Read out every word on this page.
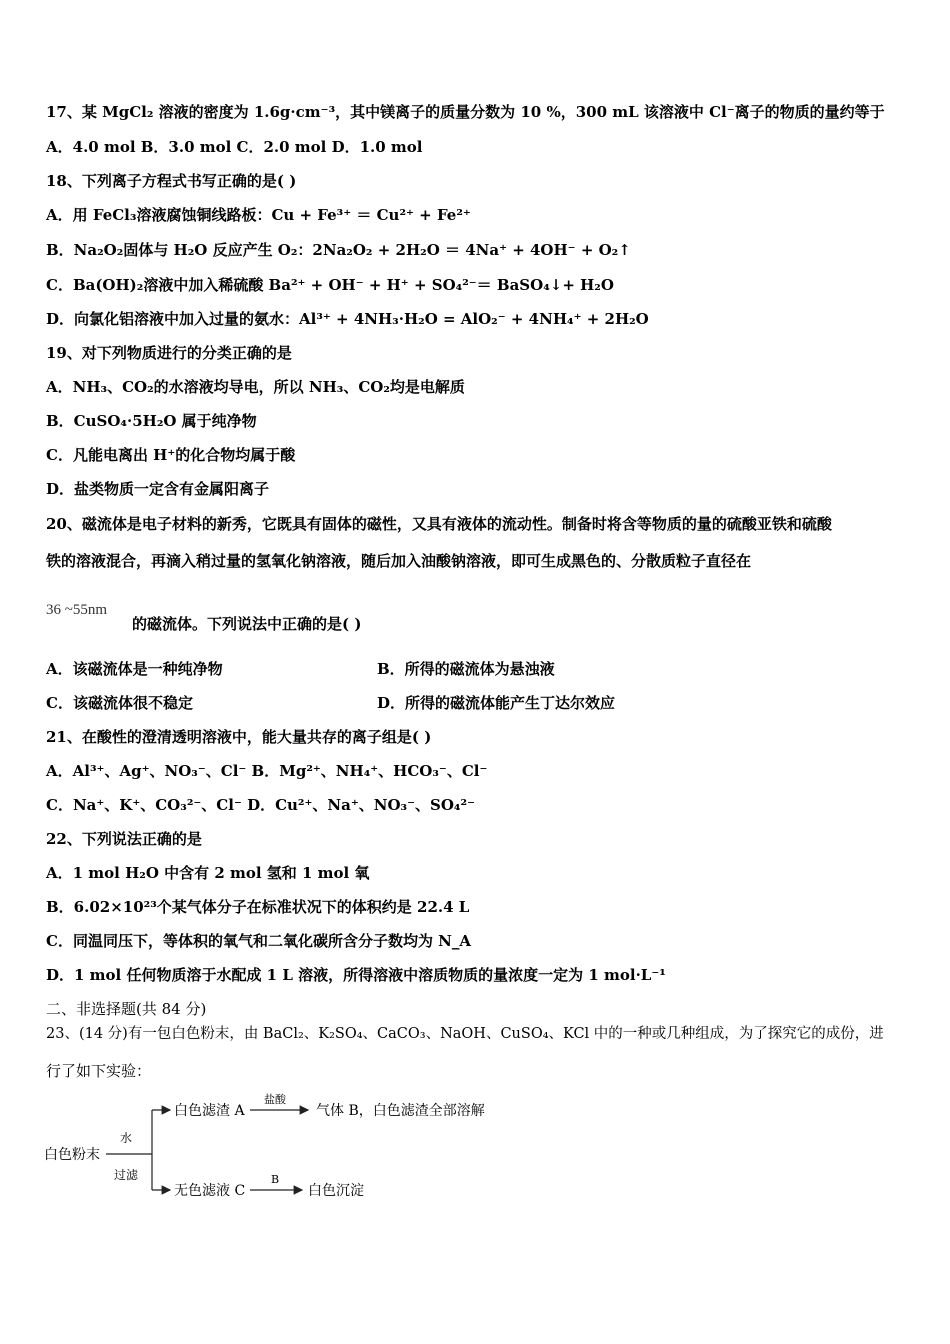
17、某 MgCl₂ 溶液的密度为 1.6g·cm⁻³，其中镁离子的质量分数为 10 %，300 mL 该溶液中 Cl⁻离子的物质的量约等于
A．4.0 mol B．3.0 mol C．2.0 mol D．1.0 mol
18、下列离子方程式书写正确的是( )
A．用 FeCl₃溶液腐蚀铜线路板：Cu + Fe³⁺ ＝ Cu²⁺ + Fe²⁺
B．Na₂O₂固体与 H₂O 反应产生 O₂：2Na₂O₂ + 2H₂O ＝ 4Na⁺ + 4OH⁻ + O₂↑
C．Ba(OH)₂溶液中加入稀硫酸 Ba²⁺ + OH⁻ + H⁺ + SO₄²⁻＝ BaSO₄↓+ H₂O
D．向氯化铝溶液中加入过量的氨水：Al³⁺ + 4NH₃·H₂O = AlO₂⁻ + 4NH₄⁺ + 2H₂O
19、对下列物质进行的分类正确的是
A．NH₃、CO₂的水溶液均导电，所以 NH₃、CO₂均是电解质
B．CuSO₄·5H₂O 属于纯净物
C．凡能电离出 H⁺的化合物均属于酸
D．盐类物质一定含有金属阳离子
20、磁流体是电子材料的新秀，它既具有固体的磁性，又具有液体的流动性。制备时将含等物质的量的硫酸亚铁和硫酸
铁的溶液混合，再滴入稍过量的氢氧化钠溶液，随后加入油酸钠溶液，即可生成黑色的、分散质粒子直径在
36 ~55nm
的磁流体。下列说法中正确的是( )
A．该磁流体是一种纯净物	B．所得的磁流体为悬浊液
C．该磁流体很不稳定	D．所得的磁流体能产生丁达尔效应
21、在酸性的澄清透明溶液中，能大量共存的离子组是( )
A．Al³⁺、Ag⁺、NO₃⁻、Cl⁻ B．Mg²⁺、NH₄⁺、HCO₃⁻、Cl⁻
C．Na⁺、K⁺、CO₃²⁻、Cl⁻ D．Cu²⁺、Na⁺、NO₃⁻、SO₄²⁻
22、下列说法正确的是
A．1 mol H₂O 中含有 2 mol 氢和 1 mol 氧
B．6.02×10²³个某气体分子在标准状况下的体积约是 22.4 L
C．同温同压下，等体积的氧气和二氧化碳所含分子数均为 N_A
D．1 mol 任何物质溶于水配成 1 L 溶液，所得溶液中溶质物质的量浓度一定为 1 mol·L⁻¹
二、非选择题(共 84 分)
23、(14 分)有一包白色粉末，由 BaCl₂、K₂SO₄、CaCO₃、NaOH、CuSO₄、KCl 中的一种或几种组成，为了探究它的成份，进
行了如下实验：
白色粉末
水
过滤
白色滤渣 A
盐酸
气体 B，白色滤渣全部溶解
无色滤液 C
B
白色沉淀
